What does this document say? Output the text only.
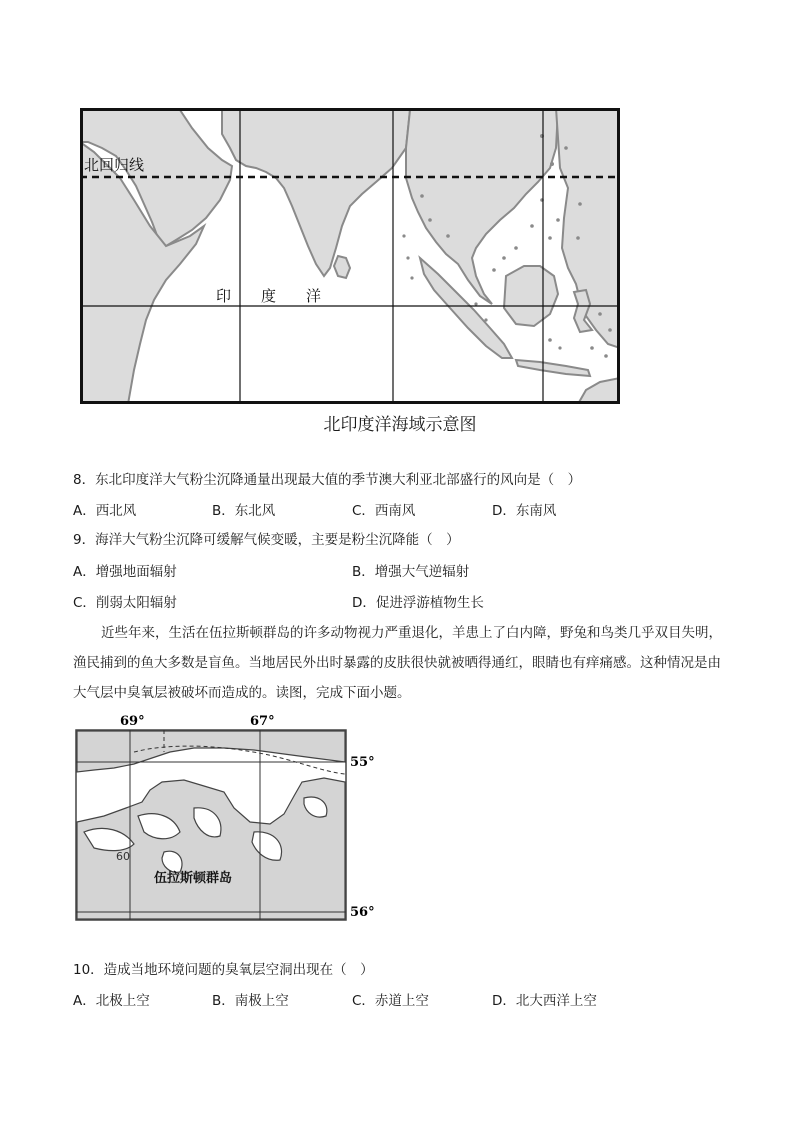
北回归线
印　　度　　洋
北印度洋海域示意图
8．东北印度洋大气粉尘沉降通量出现最大值的季节澳大利亚北部盛行的风向是（　）
A．西北风	B．东北风	C．西南风	D．东南风
9．海洋大气粉尘沉降可缓解气候变暖，主要是粉尘沉降能（　）
A．增强地面辐射	B．增强大气逆辐射
C．削弱太阳辐射	D．促进浮游植物生长
近些年来，生活在伍拉斯顿群岛的许多动物视力严重退化，羊患上了白内障，野兔和鸟类几乎双目失明，渔民捕到的鱼大多数是盲鱼。当地居民外出时暴露的皮肤很快就被晒得通红，眼睛也有痒痛感。这种情况是由大气层中臭氧层被破坏而造成的。读图，完成下面小题。
69°	67°
55°
56°
60
伍拉斯顿群岛
10．造成当地环境问题的臭氧层空洞出现在（　）
A．北极上空	B．南极上空	C．赤道上空	D．北大西洋上空
